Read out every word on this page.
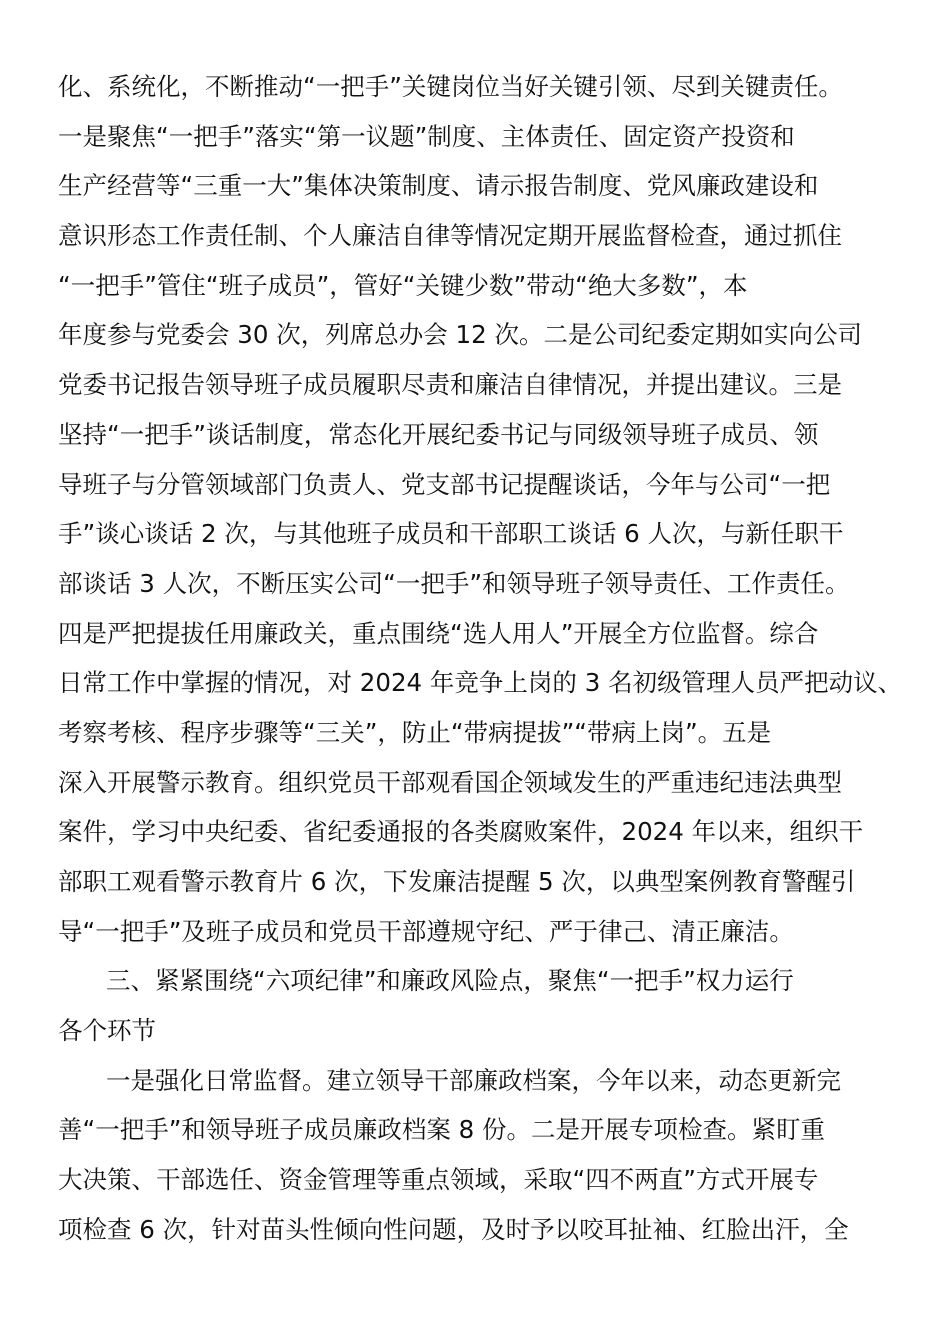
化、系统化，不断推动“一把手”关键岗位当好关键引领、尽到关键责任。
一是聚焦“一把手”落实“第一议题”制度、主体责任、固定资产投资和
生产经营等“三重一大”集体决策制度、请示报告制度、党风廉政建设和
意识形态工作责任制、个人廉洁自律等情况定期开展监督检查，通过抓住
“一把手”管住“班子成员”，管好“关键少数”带动“绝大多数”，本
年度参与党委会 30 次，列席总办会 12 次。二是公司纪委定期如实向公司
党委书记报告领导班子成员履职尽责和廉洁自律情况，并提出建议。三是
坚持“一把手”谈话制度，常态化开展纪委书记与同级领导班子成员、领
导班子与分管领域部门负责人、党支部书记提醒谈话，今年与公司“一把
手”谈心谈话 2 次，与其他班子成员和干部职工谈话 6 人次，与新任职干
部谈话 3 人次，不断压实公司“一把手”和领导班子领导责任、工作责任。
四是严把提拔任用廉政关，重点围绕“选人用人”开展全方位监督。综合
日常工作中掌握的情况，对 2024 年竞争上岗的 3 名初级管理人员严把动议、
考察考核、程序步骤等“三关”，防止“带病提拔”“带病上岗”。五是
深入开展警示教育。组织党员干部观看国企领域发生的严重违纪违法典型
案件，学习中央纪委、省纪委通报的各类腐败案件，2024 年以来，组织干
部职工观看警示教育片 6 次，下发廉洁提醒 5 次，以典型案例教育警醒引
导“一把手”及班子成员和党员干部遵规守纪、严于律己、清正廉洁。
三、紧紧围绕“六项纪律”和廉政风险点，聚焦“一把手”权力运行
各个环节
一是强化日常监督。建立领导干部廉政档案，今年以来，动态更新完
善“一把手”和领导班子成员廉政档案 8 份。二是开展专项检查。紧盯重
大决策、干部选任、资金管理等重点领域，采取“四不两直”方式开展专
项检查 6 次，针对苗头性倾向性问题，及时予以咬耳扯袖、红脸出汗，全
